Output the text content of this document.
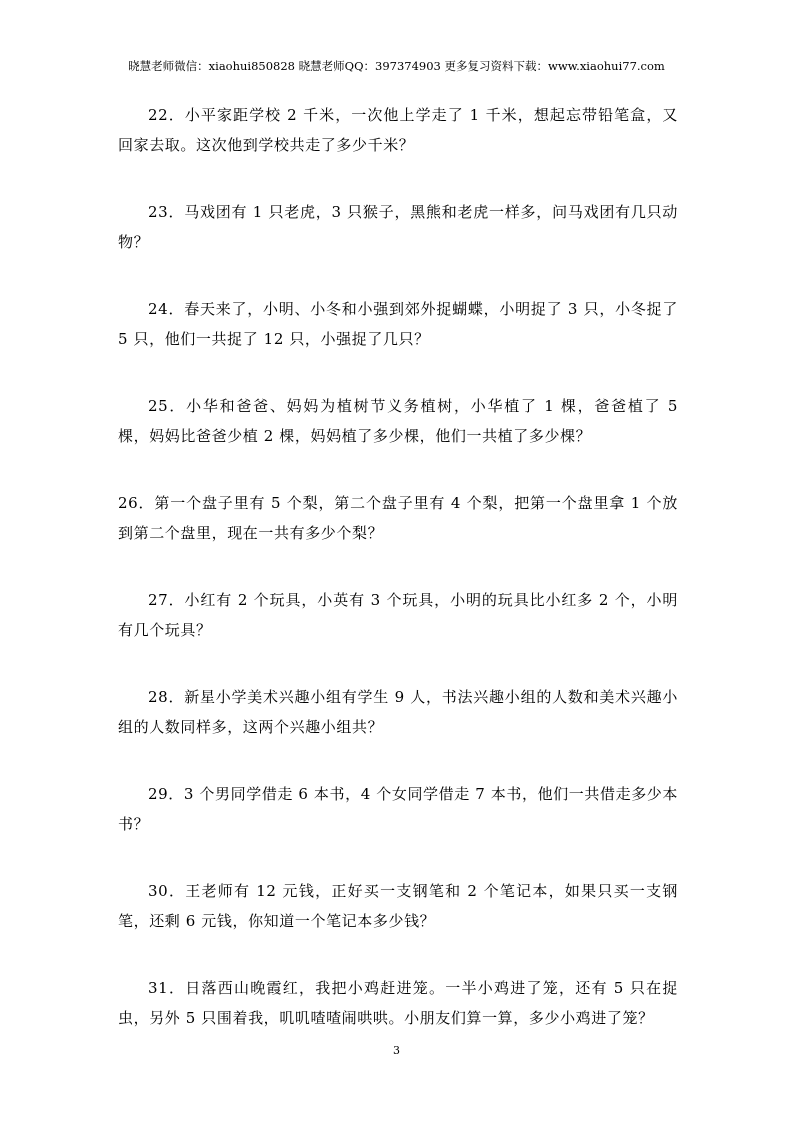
晓慧老师微信：xiaohui850828 晓慧老师QQ：397374903 更多复习资料下载：www.xiaohui77.com

22．小平家距学校 2 千米，一次他上学走了 1 千米，想起忘带铅笔盒，又回家去取。这次他到学校共走了多少千米？

23．马戏团有 1 只老虎，3 只猴子，黑熊和老虎一样多，问马戏团有几只动物？

24．春天来了，小明、小冬和小强到郊外捉蝴蝶，小明捉了 3 只，小冬捉了 5 只，他们一共捉了 12 只，小强捉了几只？

25．小华和爸爸、妈妈为植树节义务植树，小华植了 1 棵，爸爸植了 5 棵，妈妈比爸爸少植 2 棵，妈妈植了多少棵，他们一共植了多少棵？

26．第一个盘子里有 5 个梨，第二个盘子里有 4 个梨，把第一个盘里拿 1 个放到第二个盘里，现在一共有多少个梨？

27．小红有 2 个玩具，小英有 3 个玩具，小明的玩具比小红多 2 个，小明有几个玩具？

28．新星小学美术兴趣小组有学生 9 人，书法兴趣小组的人数和美术兴趣小组的人数同样多，这两个兴趣小组共？

29．3 个男同学借走 6 本书，4 个女同学借走 7 本书，他们一共借走多少本书？

30．王老师有 12 元钱，正好买一支钢笔和 2 个笔记本，如果只买一支钢笔，还剩 6 元钱，你知道一个笔记本多少钱？

31．日落西山晚霞红，我把小鸡赶进笼。一半小鸡进了笼，还有 5 只在捉虫，另外 5 只围着我，叽叽喳喳闹哄哄。小朋友们算一算，多少小鸡进了笼？

3
